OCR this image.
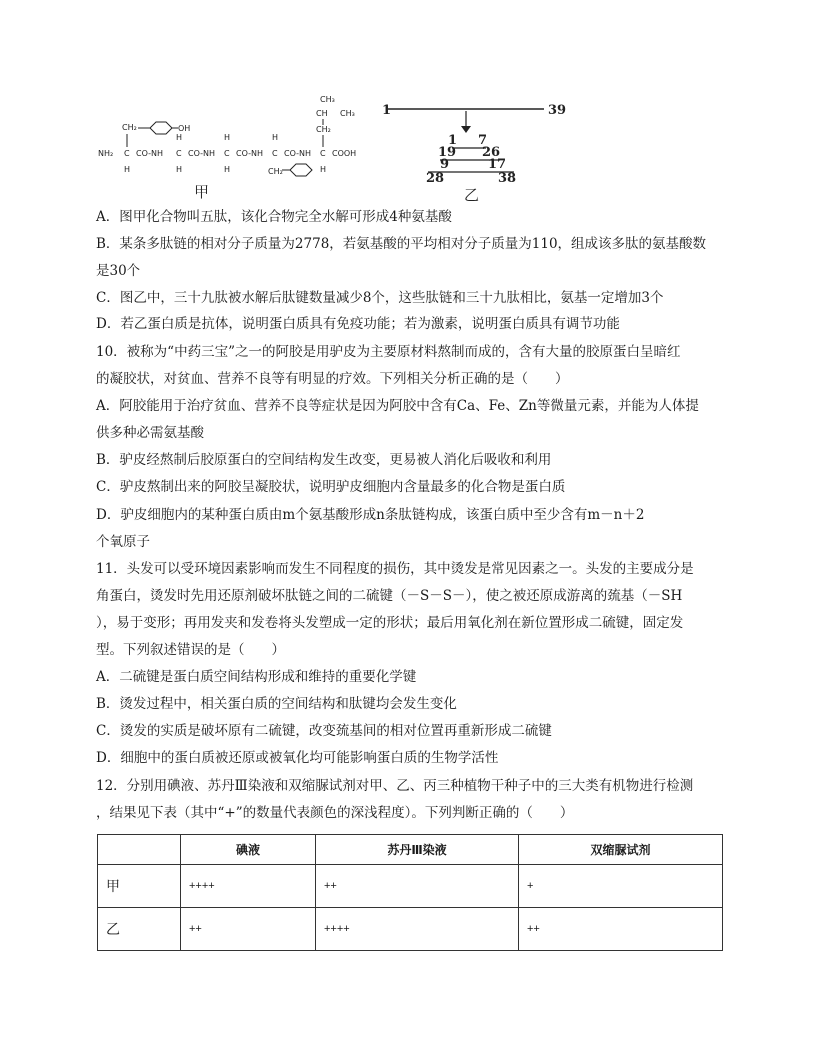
NH₂
H
C CO-NH
CH₂	OH
C
H
H
CO-NH C
H
H
CO-NH C
H
CH₂
CO-NH C
H
COOH
CH₂
CH
CH₃
CH₃
甲
1	39
1 7
19 26
9	17
28	38
乙
A．图甲化合物叫五肽，该化合物完全水解可形成4种氨基酸
B．某条多肽链的相对分子质量为2778，若氨基酸的平均相对分子质量为110，组成该多肽的氨基酸数
是30个
C．图乙中，三十九肽被水解后肽键数量减少8个，这些肽链和三十九肽相比，氨基一定增加3个
D．若乙蛋白质是抗体，说明蛋白质具有免疫功能；若为激素，说明蛋白质具有调节功能
10．被称为“中药三宝”之一的阿胶是用驴皮为主要原材料熬制而成的，含有大量的胶原蛋白呈暗红
的凝胶状，对贫血、营养不良等有明显的疗效。下列相关分析正确的是（　　）
A．阿胶能用于治疗贫血、营养不良等症状是因为阿胶中含有Ca、Fe、Zn等微量元素，并能为人体提
供多种必需氨基酸
B．驴皮经熬制后胶原蛋白的空间结构发生改变，更易被人消化后吸收和利用
C．驴皮熬制出来的阿胶呈凝胶状，说明驴皮细胞内含量最多的化合物是蛋白质
D．驴皮细胞内的某种蛋白质由m个氨基酸形成n条肽链构成，该蛋白质中至少含有m－n＋2
个氧原子
11．头发可以受环境因素影响而发生不同程度的损伤，其中烫发是常见因素之一。头发的主要成分是
角蛋白，烫发时先用还原剂破坏肽链之间的二硫键（－S－S－），使之被还原成游离的巯基（－SH
），易于变形；再用发夹和发卷将头发塑成一定的形状；最后用氧化剂在新位置形成二硫键，固定发
型。下列叙述错误的是（　　）
A．二硫键是蛋白质空间结构形成和维持的重要化学键
B．烫发过程中，相关蛋白质的空间结构和肽键均会发生变化
C．烫发的实质是破坏原有二硫键，改变巯基间的相对位置再重新形成二硫键
D．细胞中的蛋白质被还原或被氧化均可能影响蛋白质的生物学活性
12．分别用碘液、苏丹Ⅲ染液和双缩脲试剂对甲、乙、丙三种植物干种子中的三大类有机物进行检测
，结果见下表（其中“+”的数量代表颜色的深浅程度）。下列判断正确的（　　）
	碘液	苏丹Ⅲ染液	双缩脲试剂
甲	++++	++	+
乙	++	++++	++
